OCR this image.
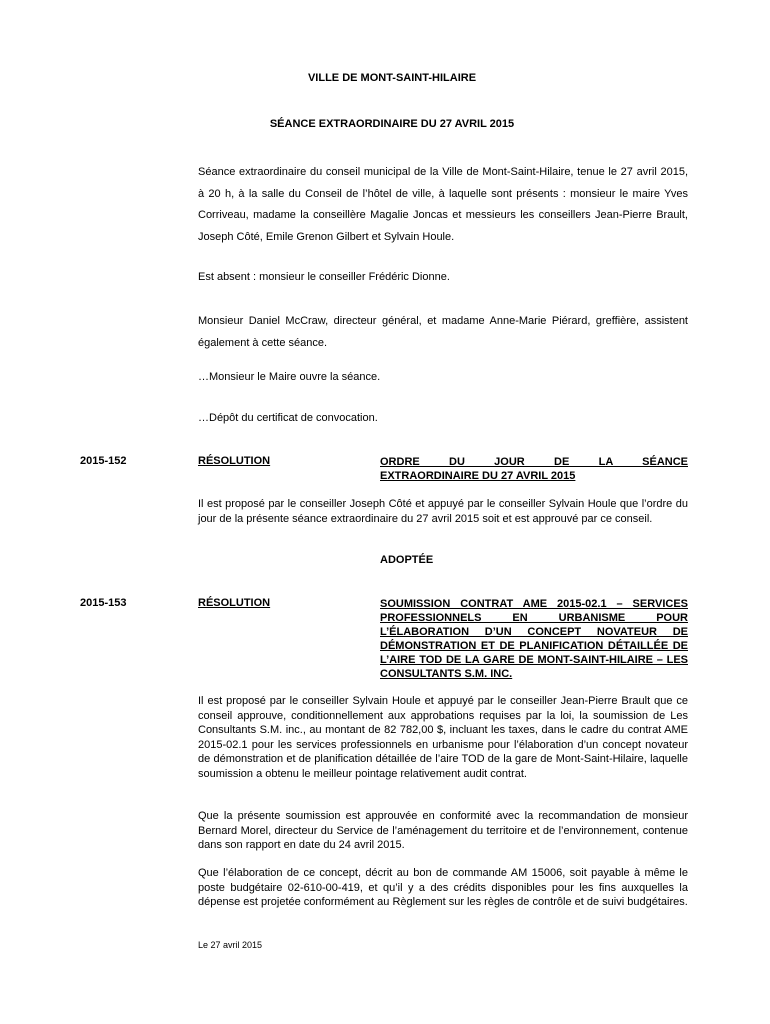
VILLE DE MONT-SAINT-HILAIRE
SÉANCE EXTRAORDINAIRE DU 27 AVRIL 2015

Séance extraordinaire du conseil municipal de la Ville de Mont-Saint-Hilaire, tenue le 27 avril 2015, à 20 h, à la salle du Conseil de l’hôtel de ville, à laquelle sont présents : monsieur le maire Yves Corriveau, madame la conseillère Magalie Joncas et messieurs les conseillers Jean-Pierre Brault, Joseph Côté, Emile Grenon Gilbert et Sylvain Houle.

Est absent : monsieur le conseiller Frédéric Dionne.

Monsieur Daniel McCraw, directeur général, et madame Anne-Marie Piérard, greffière, assistent également à cette séance.

…Monsieur le Maire ouvre la séance.
…Dépôt du certificat de convocation.
2015-152	RÉSOLUTION	ORDRE DU JOUR DE LA SÉANCE

EXTRAORDINAIRE DU 27 AVRIL 2015

Il est proposé par le conseiller Joseph Côté et appuyé par le conseiller Sylvain Houle que l’ordre du jour de la présente séance extraordinaire du 27 avril 2015 soit et est approuvé par ce conseil.

ADOPTÉE
2015-153	RÉSOLUTION	SOUMISSION CONTRAT AME 2015-02.1 – SERVICES PROFESSIONNELS EN URBANISME POUR L’ÉLABORATION D’UN CONCEPT NOVATEUR DE DÉMONSTRATION ET DE PLANIFICATION DÉTAILLÉE DE L’AIRE TOD DE LA GARE DE MONT-SAINT-HILAIRE – LES CONSULTANTS S.M. INC.

Il est proposé par le conseiller Sylvain Houle et appuyé par le conseiller Jean-Pierre Brault que ce conseil approuve, conditionnellement aux approbations requises par la loi, la soumission de Les Consultants S.M. inc., au montant de 82 782,00 $, incluant les taxes, dans le cadre du contrat AME 2015-02.1 pour les services professionnels en urbanisme pour l’élaboration d’un concept novateur de démonstration et de planification détaillée de l’aire TOD de la gare de Mont-Saint-Hilaire, laquelle soumission a obtenu le meilleur pointage relativement audit contrat.

Que la présente soumission est approuvée en conformité avec la recommandation de monsieur Bernard Morel, directeur du Service de l’aménagement du territoire et de l’environnement, contenue dans son rapport en date du 24 avril 2015.

Que l’élaboration de ce concept, décrit au bon de commande AM 15006, soit payable à même le poste budgétaire 02-610-00-419, et qu’il y a des crédits disponibles pour les fins auxquelles la dépense est projetée conformément au Règlement sur les règles de contrôle et de suivi budgétaires.

Le 27 avril 2015
